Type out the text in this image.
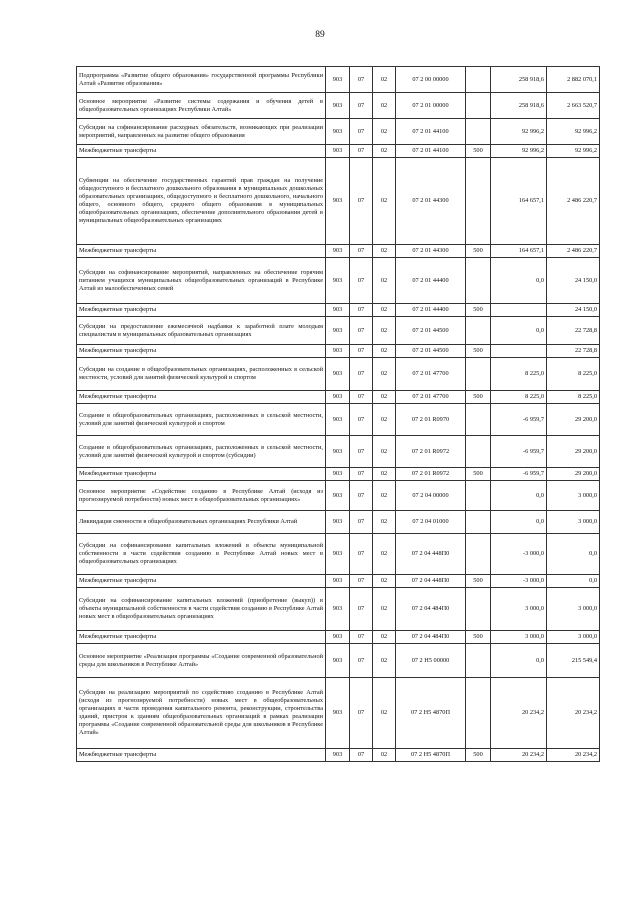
89
Подпрограмма «Развитие общего образования» государственной программы Республики Алтай «Развитие образования»	903	07	02	07 2 00 00000		258 918,6	2 882 070,1
Основное мероприятие «Развитие системы содержания и обучения детей в общеобразовательных организациях Республики Алтай»	903	07	02	07 2 01 00000		258 918,6	2 663 520,7
Субсидии на софинансирование расходных обязательств, возникающих при реализации мероприятий, направленных на развитие общего образования	903	07	02	07 2 01 44100		92 996,2	92 996,2
Межбюджетные трансферты	903	07	02	07 2 01 44100	500	92 996,2	92 996,2
Субвенции на обеспечение государственных гарантий прав граждан на получение общедоступного и бесплатного дошкольного образования в муниципальных дошкольных образовательных организациях, общедоступного и бесплатного дошкольного, начального общего, основного общего, среднего общего образования в муниципальных общеобразовательных организациях, обеспечение дополнительного образования детей в муниципальных общеобразовательных организациях	903	07	02	07 2 01 44300		164 657,1	2 486 220,7
Межбюджетные трансферты	903	07	02	07 2 01 44300	500	164 657,1	2 486 220,7
Субсидии на софинансирование мероприятий, направленных на обеспечение горячим питанием учащихся муниципальных общеобразовательных организаций в Республике Алтай из малообеспеченных семей	903	07	02	07 2 01 44400		0,0	24 150,0
Межбюджетные трансферты	903	07	02	07 2 01 44400	500		24 150,0
Субсидии на предоставление ежемесячной надбавки к заработной плате молодым специалистам в муниципальных образовательных организациях	903	07	02	07 2 01 44500		0,0	22 728,8
Межбюджетные трансферты	903	07	02	07 2 01 44500	500		22 728,8
Субсидии на создание в общеобразовательных организациях, расположенных в сельской местности, условий для занятий физической культурой и спортом	903	07	02	07 2 01 47700		8 225,0	8 225,0
Межбюджетные трансферты	903	07	02	07 2 01 47700	500	8 225,0	8 225,0
Создание в общеобразовательных организациях, расположенных в сельской местности, условий для занятий физической культурой и спортом	903	07	02	07 2 01 R0970		-6 959,7	29 200,0
Создание в общеобразовательных организациях, расположенных в сельской местности, условий для занятий физической культурой и спортом (субсидии)	903	07	02	07 2 01 R0972		-6 959,7	29 200,0
Межбюджетные трансферты	903	07	02	07 2 01 R0972	500	-6 959,7	29 200,0
Основное мероприятие «Содействие созданию в Республике Алтай (исходя из прогнозируемой потребности) новых мест в общеобразовательных организациях»	903	07	02	07 2 04 00000		0,0	3 000,0
Ликвидация сменности в общеобразовательных организациях Республики Алтай	903	07	02	07 2 04 01000		0,0	3 000,0
Субсидии на софинансирование капитальных вложений в объекты муниципальной собственности в части содействия созданию в Республике Алтай новых мест в общеобразовательных организациях	903	07	02	07 2 04 448П0		-3 000,0	0,0
Межбюджетные трансферты	903	07	02	07 2 04 448П0	500	-3 000,0	0,0
Субсидии на софинансирование капитальных вложений (приобретение (выкуп)) в объекты муниципальной собственности в части содействия созданию в Республике Алтай новых мест в общеобразовательных организациях	903	07	02	07 2 04 484П0		3 000,0	3 000,0
Межбюджетные трансферты	903	07	02	07 2 04 484П0	500	3 000,0	3 000,0
Основное мероприятие «Реализация программы «Создание современной образовательной среды для школьников в Республике Алтай»	903	07	02	07 2 Н5 00000		0,0	215 549,4
Субсидии на реализацию мероприятий по содействию созданию в Республике Алтай (исходя из прогнозируемой потребности) новых мест в общеобразовательных организациях в части проведения капитального ремонта, реконструкции, строительства зданий, пристроя к зданиям общеобразовательных организаций в рамках реализации программы «Создание современной образовательной среды для школьников в Республике Алтай»	903	07	02	07 2 Н5 4870П		20 234,2	20 234,2
Межбюджетные трансферты	903	07	02	07 2 Н5 4870П	500	20 234,2	20 234,2
